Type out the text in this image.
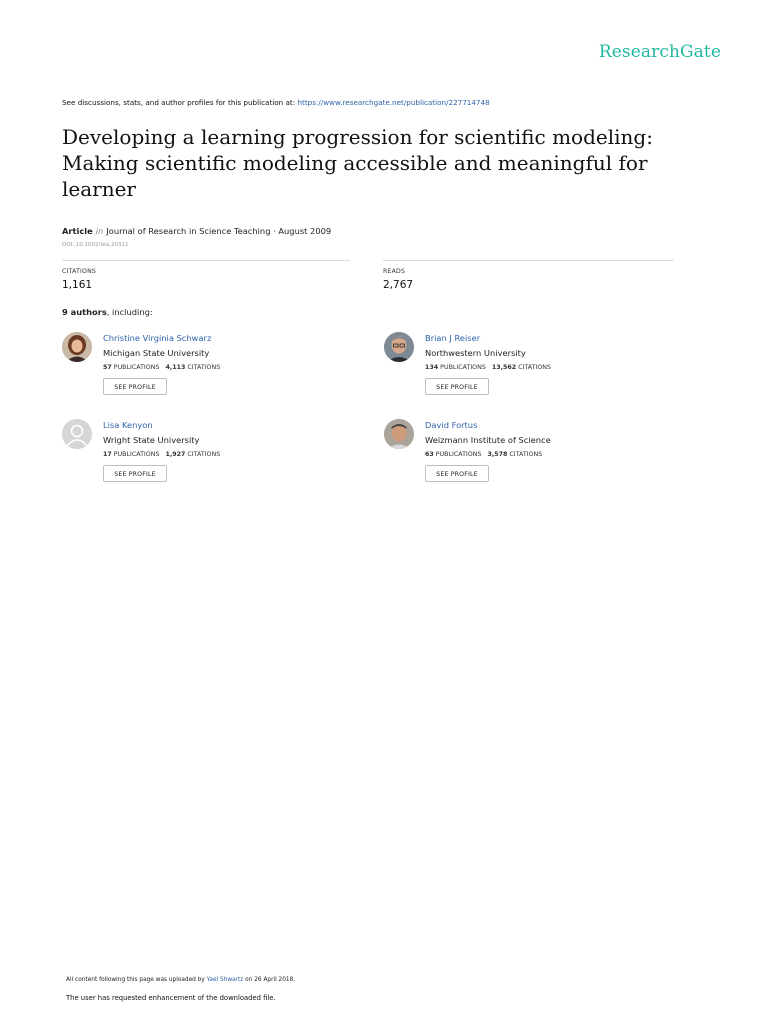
ResearchGate
See discussions, stats, and author profiles for this publication at: https://www.researchgate.net/publication/227714748
Developing a learning progression for scientific modeling: Making scientific modeling accessible and meaningful for learner
Article in Journal of Research in Science Teaching · August 2009
DOI: 10.1002/tea.20311
CITATIONS
1,161
READS
2,767
9 authors, including:
Christine Virginia Schwarz
Michigan State University
57 PUBLICATIONS 4,113 CITATIONS
SEE PROFILE
Brian J Reiser
Northwestern University
134 PUBLICATIONS 13,562 CITATIONS
SEE PROFILE
Lisa Kenyon
Wright State University
17 PUBLICATIONS 1,927 CITATIONS
SEE PROFILE
David Fortus
Weizmann Institute of Science
63 PUBLICATIONS 3,578 CITATIONS
SEE PROFILE
All content following this page was uploaded by Yael Shwartz on 26 April 2018.
The user has requested enhancement of the downloaded file.
